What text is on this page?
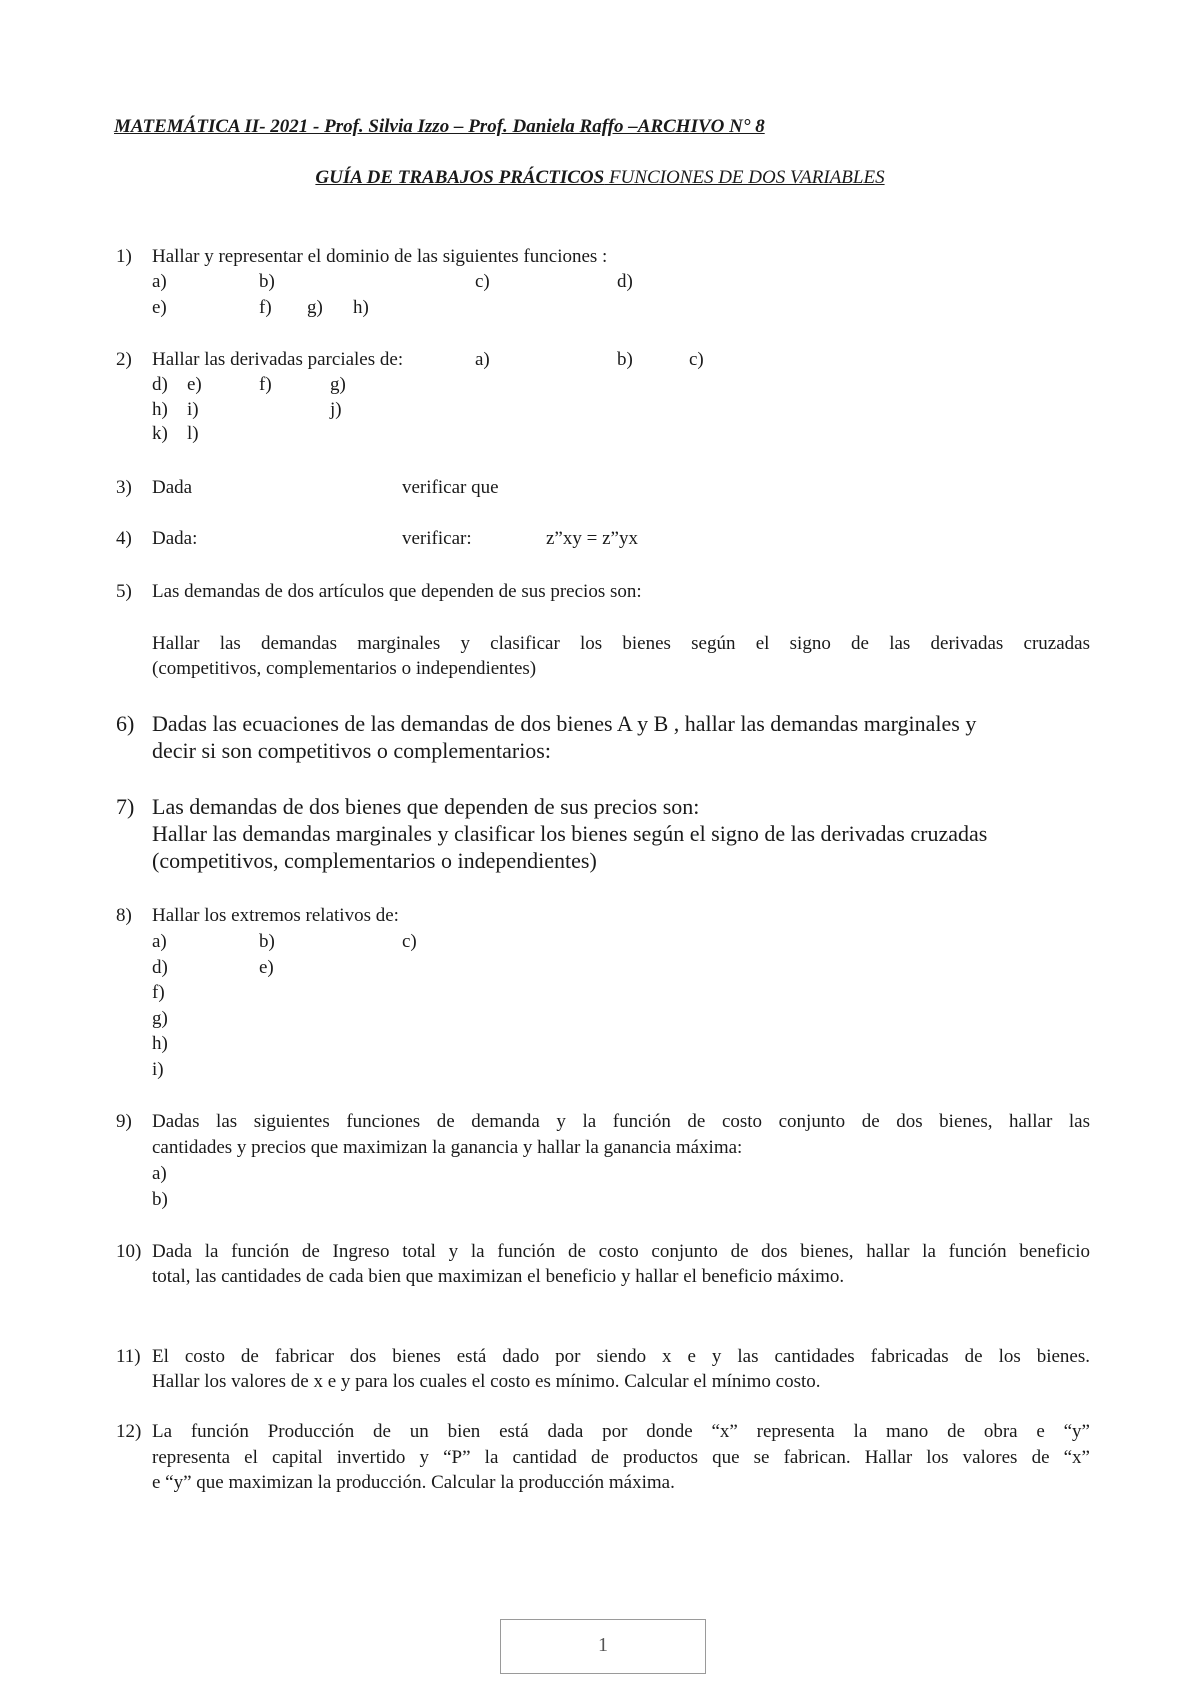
MATEMÁTICA II- 2021 - Prof. Silvia Izzo – Prof. Daniela Raffo –ARCHIVO N° 8
GUÍA DE TRABAJOS PRÁCTICOS FUNCIONES DE DOS VARIABLES
1) Hallar y representar el dominio de las siguientes funciones :
a)	b)	c)	d)
e)	f) g) h)
2) Hallar las derivadas parciales de:	a)	b)	c)
d) e)	f)	g)
h) i)	j)
k) l)
3) Dada	verificar que
4) Dada:	verificar:	z”xy = z”yx
5) Las demandas de dos artículos que dependen de sus precios son:
Hallar las demandas marginales y clasificar los bienes según el signo de las derivadas cruzadas
(competitivos, complementarios o independientes)
6) Dadas las ecuaciones de las demandas de dos bienes A y B , hallar las demandas marginales y
decir si son competitivos o complementarios:
7) Las demandas de dos bienes que dependen de sus precios son:
Hallar las demandas marginales y clasificar los bienes según el signo de las derivadas cruzadas
(competitivos, complementarios o independientes)
8) Hallar los extremos relativos de:
a)	b)	c)
d)	e)
f)
g)
h)
i)
9) Dadas las siguientes funciones de demanda y la función de costo conjunto de dos bienes, hallar las
cantidades y precios que maximizan la ganancia y hallar la ganancia máxima:
a)
b)
10) Dada la función de Ingreso total y la función de costo conjunto de dos bienes, hallar la función beneficio
total, las cantidades de cada bien que maximizan el beneficio y hallar el beneficio máximo.
11) El costo de fabricar dos bienes está dado por siendo x e y las cantidades fabricadas de los bienes.
Hallar los valores de x e y para los cuales el costo es mínimo. Calcular el mínimo costo.
12) La función Producción de un bien está dada por donde “x” representa la mano de obra e “y”
representa el capital invertido y “P” la cantidad de productos que se fabrican. Hallar los valores de “x”
e “y” que maximizan la producción. Calcular la producción máxima.
1
